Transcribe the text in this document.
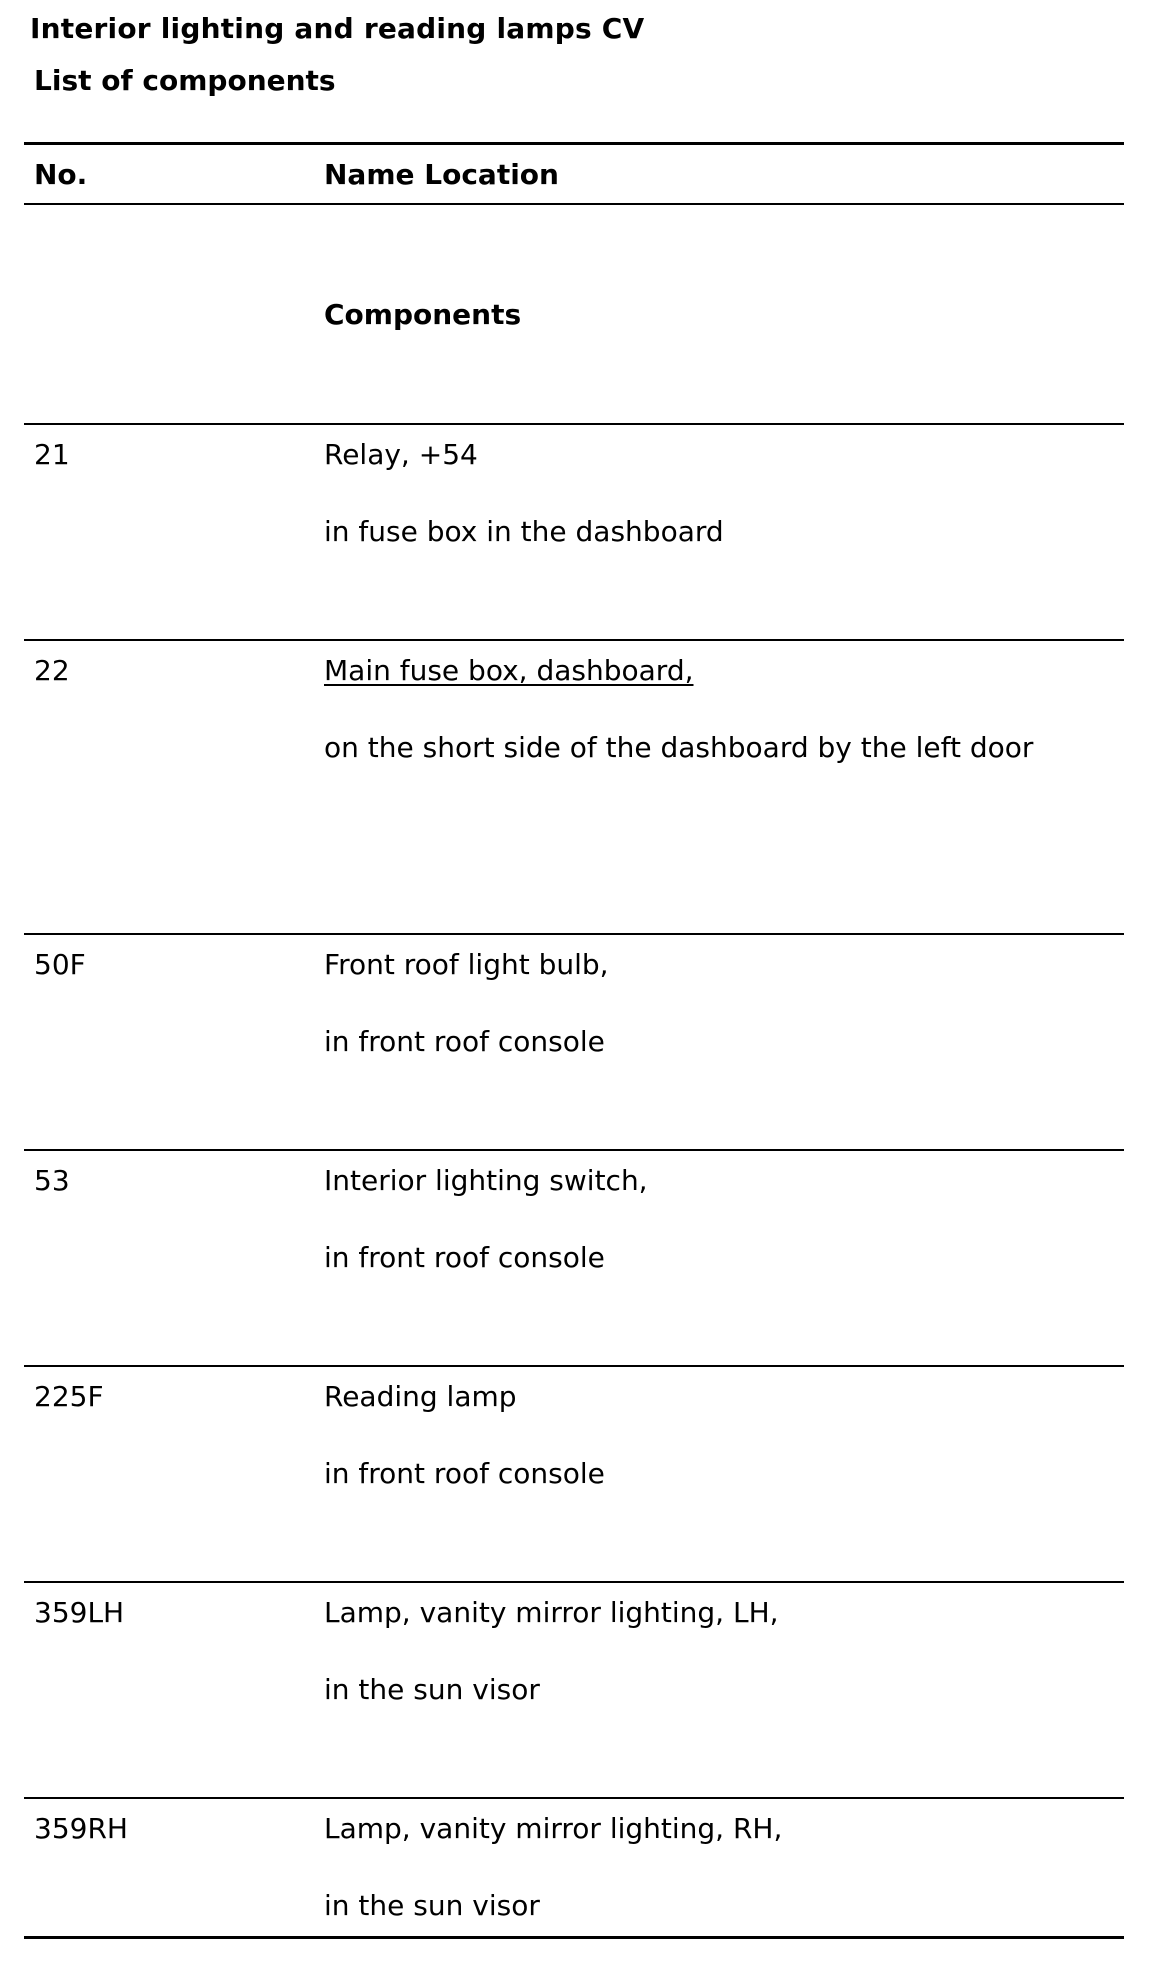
Interior lighting and reading lamps CV
List of components
No.	Name Location
Components
21	Relay, +54
in fuse box in the dashboard
22	Main fuse box, dashboard,
on the short side of the dashboard by the left door
50F	Front roof light bulb,
in front roof console
53	Interior lighting switch,
in front roof console
225F	Reading lamp
in front roof console
359LH	Lamp, vanity mirror lighting, LH,
in the sun visor
359RH	Lamp, vanity mirror lighting, RH,
in the sun visor
